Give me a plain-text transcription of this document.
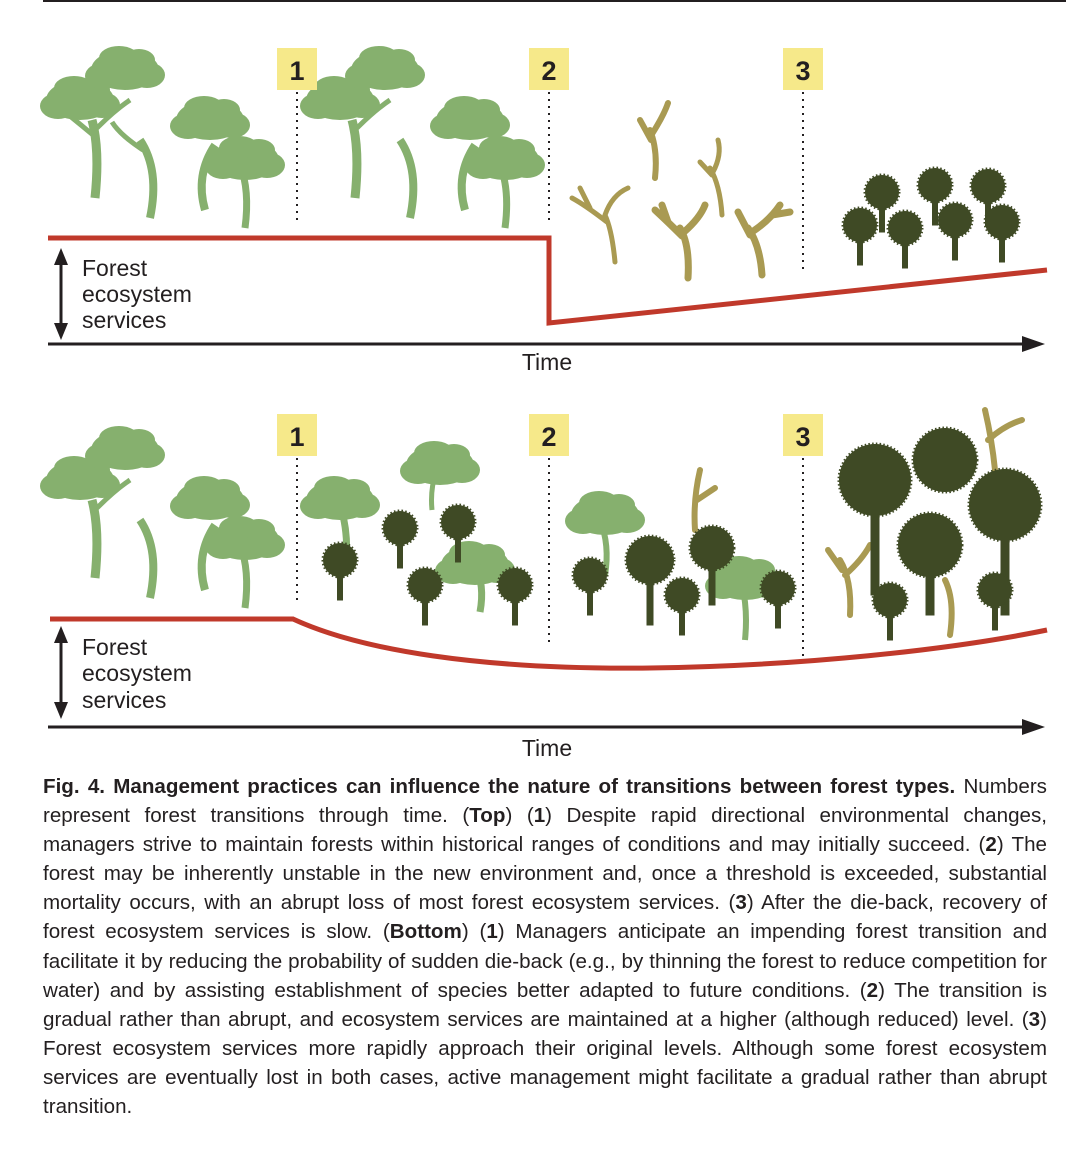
1	2	3
Forest ecosystem services
Time
1	2	3
Forest ecosystem services
Time
Fig. 4. Management practices can influence the nature of transitions between forest types. Numbers represent forest transitions through time. (Top) (1) Despite rapid directional environmental changes, managers strive to maintain forests within historical ranges of conditions and may initially succeed. (2) The forest may be inherently unstable in the new environment and, once a threshold is exceeded, substantial mortality occurs, with an abrupt loss of most forest ecosystem services. (3) After the die-back, recovery of forest ecosystem services is slow. (Bottom) (1) Managers anticipate an impending forest transition and facilitate it by reducing the probability of sudden die-back (e.g., by thinning the forest to reduce competition for water) and by assisting establishment of species better adapted to future conditions. (2) The transition is gradual rather than abrupt, and ecosystem services are maintained at a higher (although reduced) level. (3) Forest ecosystem services more rapidly approach their original levels. Although some forest ecosystem services are eventually lost in both cases, active management might facilitate a gradual rather than abrupt transition.
